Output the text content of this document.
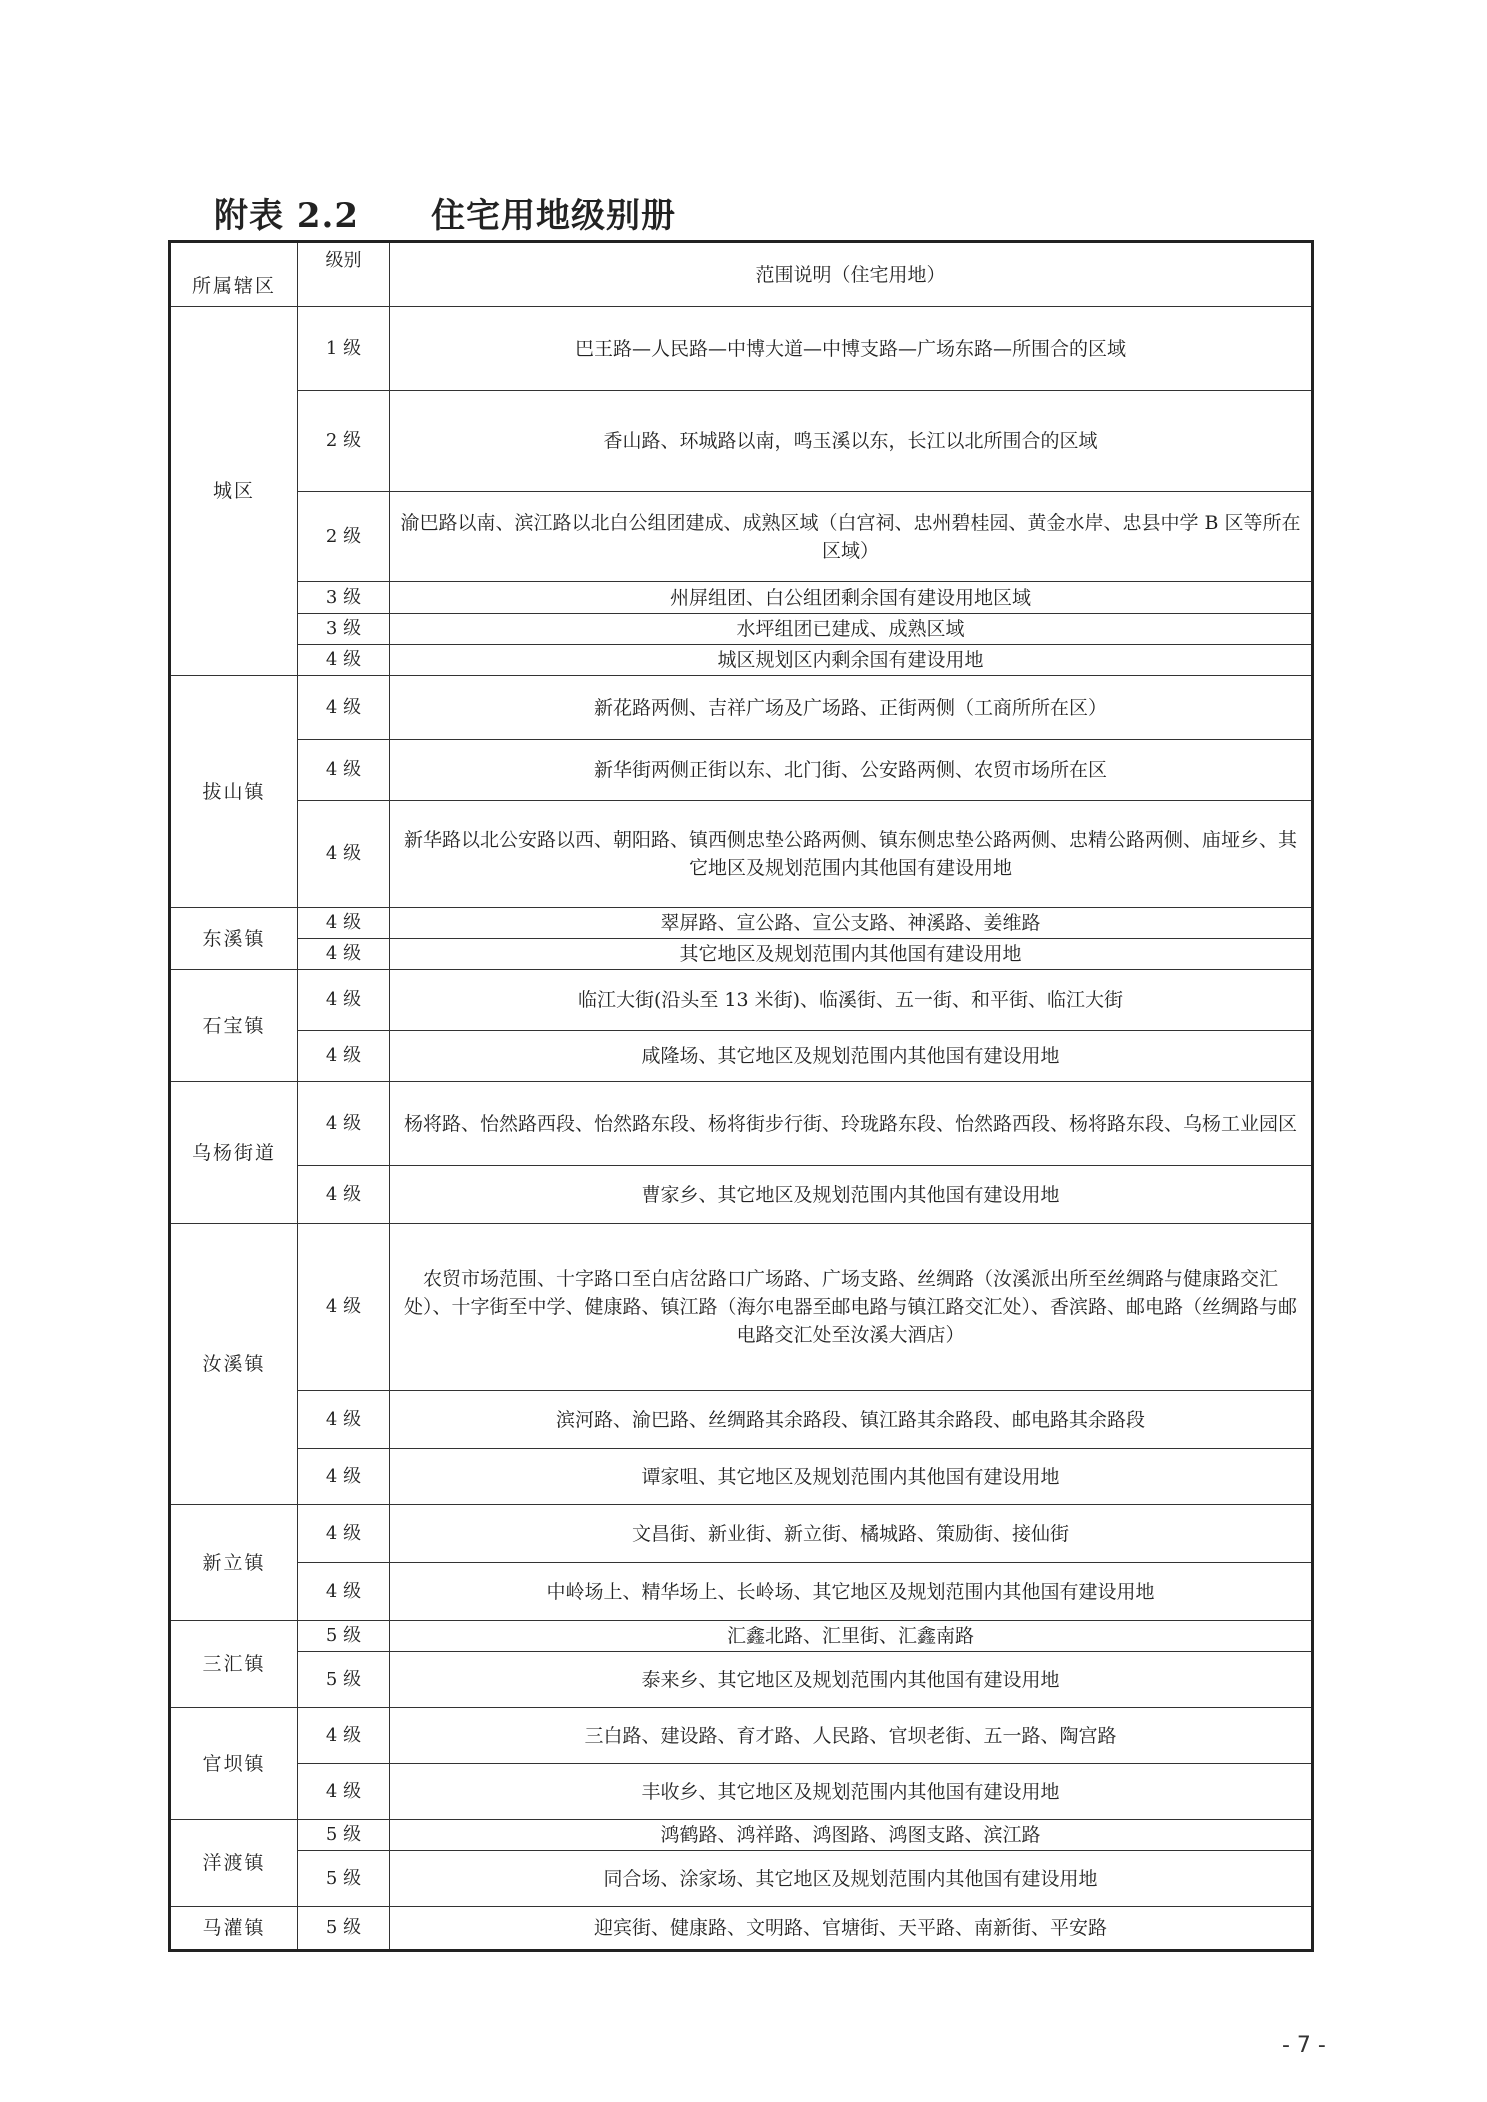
附表 2.2 住宅用地级别册
所属辖区	级别	范围说明（住宅用地）
城区	1 级	巴王路—人民路—中博大道—中博支路—广场东路—所围合的区域
	2 级	香山路、环城路以南，鸣玉溪以东，长江以北所围合的区域
	2 级	渝巴路以南、滨江路以北白公组团建成、成熟区域（白宫祠、忠州碧桂园、黄金水岸、忠县中学 B 区等所在区域）
	3 级	州屏组团、白公组团剩余国有建设用地区域
	3 级	水坪组团已建成、成熟区域
	4 级	城区规划区内剩余国有建设用地
拔山镇	4 级	新花路两侧、吉祥广场及广场路、正街两侧（工商所所在区）
	4 级	新华街两侧正街以东、北门街、公安路两侧、农贸市场所在区
	4 级	新华路以北公安路以西、朝阳路、镇西侧忠垫公路两侧、镇东侧忠垫公路两侧、忠精公路两侧、庙垭乡、其它地区及规划范围内其他国有建设用地
东溪镇	4 级	翠屏路、宣公路、宣公支路、神溪路、姜维路
	4 级	其它地区及规划范围内其他国有建设用地
石宝镇	4 级	临江大街(沿头至 13 米街)、临溪街、五一街、和平街、临江大街
	4 级	咸隆场、其它地区及规划范围内其他国有建设用地
乌杨街道	4 级	杨将路、怡然路西段、怡然路东段、杨将街步行街、玲珑路东段、怡然路西段、杨将路东段、乌杨工业园区
	4 级	曹家乡、其它地区及规划范围内其他国有建设用地
汝溪镇	4 级	农贸市场范围、十字路口至白店岔路口广场路、广场支路、丝绸路（汝溪派出所至丝绸路与健康路交汇处）、十字街至中学、健康路、镇江路（海尔电器至邮电路与镇江路交汇处）、香滨路、邮电路（丝绸路与邮电路交汇处至汝溪大酒店）
	4 级	滨河路、渝巴路、丝绸路其余路段、镇江路其余路段、邮电路其余路段
	4 级	谭家咀、其它地区及规划范围内其他国有建设用地
新立镇	4 级	文昌街、新业街、新立街、橘城路、策励街、接仙街
	4 级	中岭场上、精华场上、长岭场、其它地区及规划范围内其他国有建设用地
三汇镇	5 级	汇鑫北路、汇里街、汇鑫南路
	5 级	泰来乡、其它地区及规划范围内其他国有建设用地
官坝镇	4 级	三白路、建设路、育才路、人民路、官坝老街、五一路、陶宫路
	4 级	丰收乡、其它地区及规划范围内其他国有建设用地
洋渡镇	5 级	鸿鹤路、鸿祥路、鸿图路、鸿图支路、滨江路
	5 级	同合场、涂家场、其它地区及规划范围内其他国有建设用地
马灌镇	5 级	迎宾街、健康路、文明路、官塘街、天平路、南新街、平安路
- 7 -
